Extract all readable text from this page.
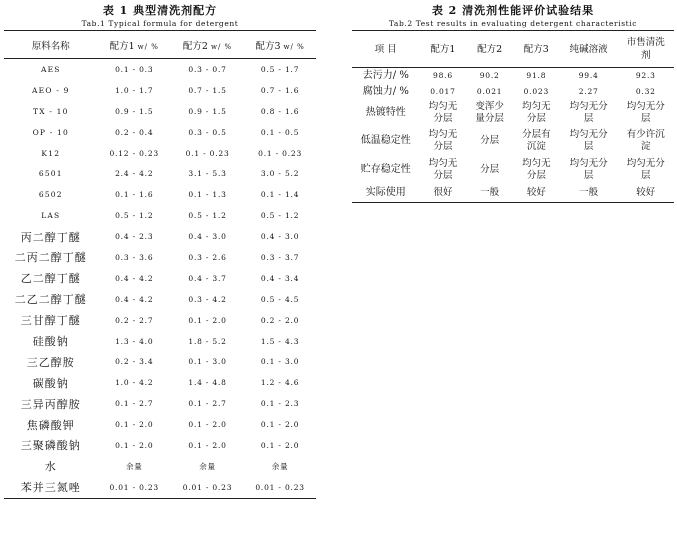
表 1 典型清洗剂配方
Tab.1 Typical formula for detergent
原料名称	配方1 w/ %	配方2 w/ %	配方3 w/ %
AES	0.1 - 0.3	0.3 - 0.7	0.5 - 1.7
AEO - 9	1.0 - 1.7	0.7 - 1.5	0.7 - 1.6
TX - 10	0.9 - 1.5	0.9 - 1.5	0.8 - 1.6
OP - 10	0.2 - 0.4	0.3 - 0.5	0.1 - 0.5
K12	0.12 - 0.23	0.1 - 0.23	0.1 - 0.23
6501	2.4 - 4.2	3.1 - 5.3	3.0 - 5.2
6502	0.1 - 1.6	0.1 - 1.3	0.1 - 1.4
LAS	0.5 - 1.2	0.5 - 1.2	0.5 - 1.2
丙二醇丁醚	0.4 - 2.3	0.4 - 3.0	0.4 - 3.0
二丙二醇丁醚	0.3 - 3.6	0.3 - 2.6	0.3 - 3.7
乙二醇丁醚	0.4 - 4.2	0.4 - 3.7	0.4 - 3.4
二乙二醇丁醚	0.4 - 4.2	0.3 - 4.2	0.5 - 4.5
三甘醇丁醚	0.2 - 2.7	0.1 - 2.0	0.2 - 2.0
硅酸钠	1.3 - 4.0	1.8 - 5.2	1.5 - 4.3
三乙醇胺	0.2 - 3.4	0.1 - 3.0	0.1 - 3.0
碳酸钠	1.0 - 4.2	1.4 - 4.8	1.2 - 4.6
三异丙醇胺	0.1 - 2.7	0.1 - 2.7	0.1 - 2.3
焦磷酸钾	0.1 - 2.0	0.1 - 2.0	0.1 - 2.0
三聚磷酸钠	0.1 - 2.0	0.1 - 2.0	0.1 - 2.0
水	余量	余量	余量
苯并三氮唑	0.01 - 0.23	0.01 - 0.23	0.01 - 0.23
表 2 清洗剂性能评价试验结果
Tab.2 Test results in evaluating detergent characteristic
项 目	配方1	配方2	配方3	纯碱溶液	市售清洗剂
去污力/ %	98.6	90.2	91.8	99.4	92.3
腐蚀力/ %	0.017	0.021	0.023	2.27	0.32
热镀特性	均匀无分层	变浑少量分层	均匀无分层	均匀无分层	均匀无分层
低温稳定性	均匀无分层	分层	分层有沉淀	均匀无分层	有少许沉淀
贮存稳定性	均匀无分层	分层	均匀无分层	均匀无分层	均匀无分层
实际使用	很好	一般	较好	一般	较好
